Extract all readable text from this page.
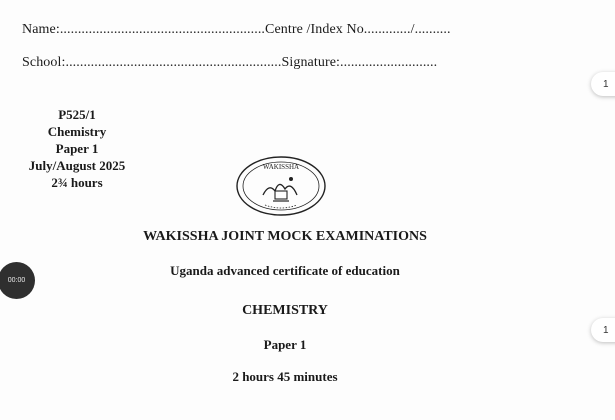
Name:.........................................................Centre /Index No............./..........
School:............................................................Signature:...........................
P525/1
Chemistry
Paper 1
July/August 2025
2¾ hours
WAKISSHA
WAKISSHA JOINT MOCK EXAMINATIONS
Uganda advanced certificate of education
CHEMISTRY
Paper 1
2 hours 45 minutes
00:00
1
1
